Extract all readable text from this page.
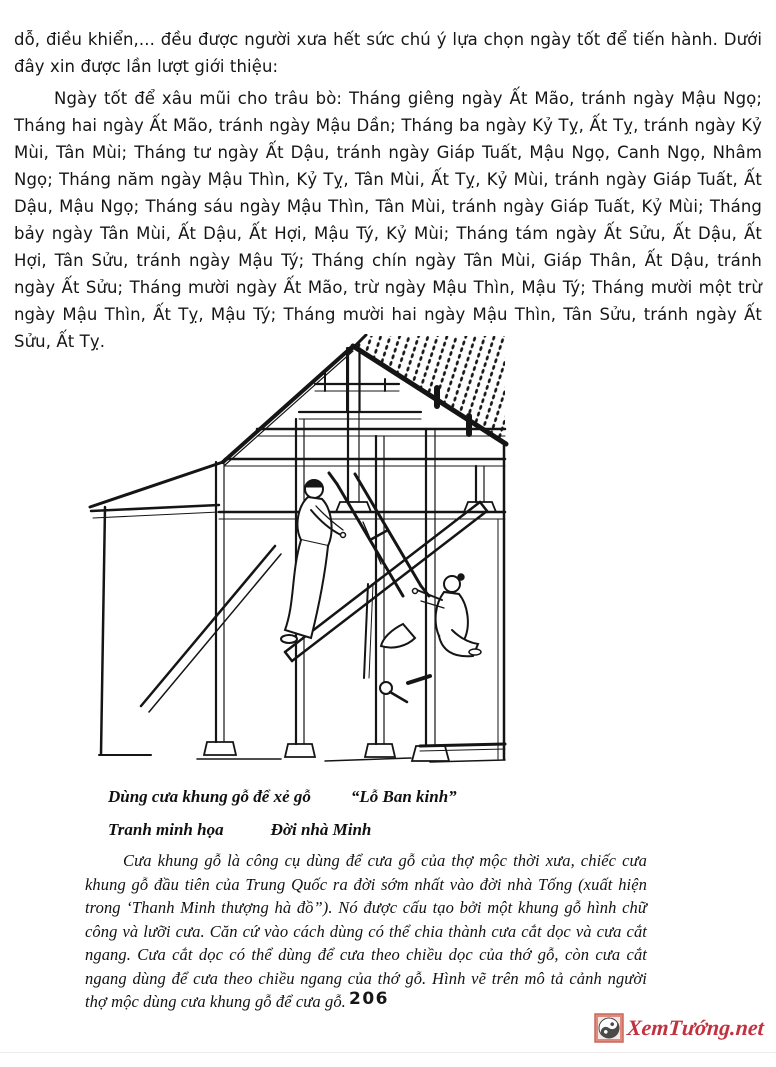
dỗ, điều khiển,... đều được người xưa hết sức chú ý lựa chọn ngày tốt để tiến hành. Dưới đây xin được lần lượt giới thiệu:
Ngày tốt để xâu mũi cho trâu bò: Tháng giêng ngày Ất Mão, tránh ngày Mậu Ngọ; Tháng hai ngày Ất Mão, tránh ngày Mậu Dần; Tháng ba ngày Kỷ Tỵ, Ất Tỵ, tránh ngày Kỷ Mùi, Tân Mùi; Tháng tư ngày Ất Dậu, tránh ngày Giáp Tuất, Mậu Ngọ, Canh Ngọ, Nhâm Ngọ; Tháng năm ngày Mậu Thìn, Kỷ Tỵ, Tân Mùi, Ất Tỵ, Kỷ Mùi, tránh ngày Giáp Tuất, Ất Dậu, Mậu Ngọ; Tháng sáu ngày Mậu Thìn, Tân Mùi, tránh ngày Giáp Tuất, Kỷ Mùi; Tháng bảy ngày Tân Mùi, Ất Dậu, Ất Hợi, Mậu Tý, Kỷ Mùi; Tháng tám ngày Ất Sửu, Ất Dậu, Ất Hợi, Tân Sửu, tránh ngày Mậu Tý; Tháng chín ngày Tân Mùi, Giáp Thân, Ất Dậu, tránh ngày Ất Sửu; Tháng mười ngày Ất Mão, trừ ngày Mậu Thìn, Mậu Tý; Tháng mười một trừ ngày Mậu Thìn, Ất Tỵ, Mậu Tý; Tháng mười hai ngày Mậu Thìn, Tân Sửu, tránh ngày Ất Sửu, Ất Tỵ.
Dùng cưa khung gỗ để xẻ gỗ “Lỗ Ban kinh”
Tranh minh họa	Đời nhà Minh
Cưa khung gỗ là công cụ dùng để cưa gỗ của thợ mộc thời xưa, chiếc cưa khung gỗ đầu tiên của Trung Quốc ra đời sớm nhất vào đời nhà Tống (xuất hiện trong ‘Thanh Minh thượng hà đồ”). Nó được cấu tạo bởi một khung gỗ hình chữ công và lưỡi cưa. Căn cứ vào cách dùng có thể chia thành cưa cắt dọc và cưa cắt ngang. Cưa cắt dọc có thể dùng để cưa theo chiều dọc của thớ gỗ, còn cưa cắt ngang dùng để cưa theo chiều ngang của thớ gỗ. Hình vẽ trên mô tả cảnh người thợ mộc dùng cưa khung gỗ để cưa gỗ. 206
XemTướng.net
